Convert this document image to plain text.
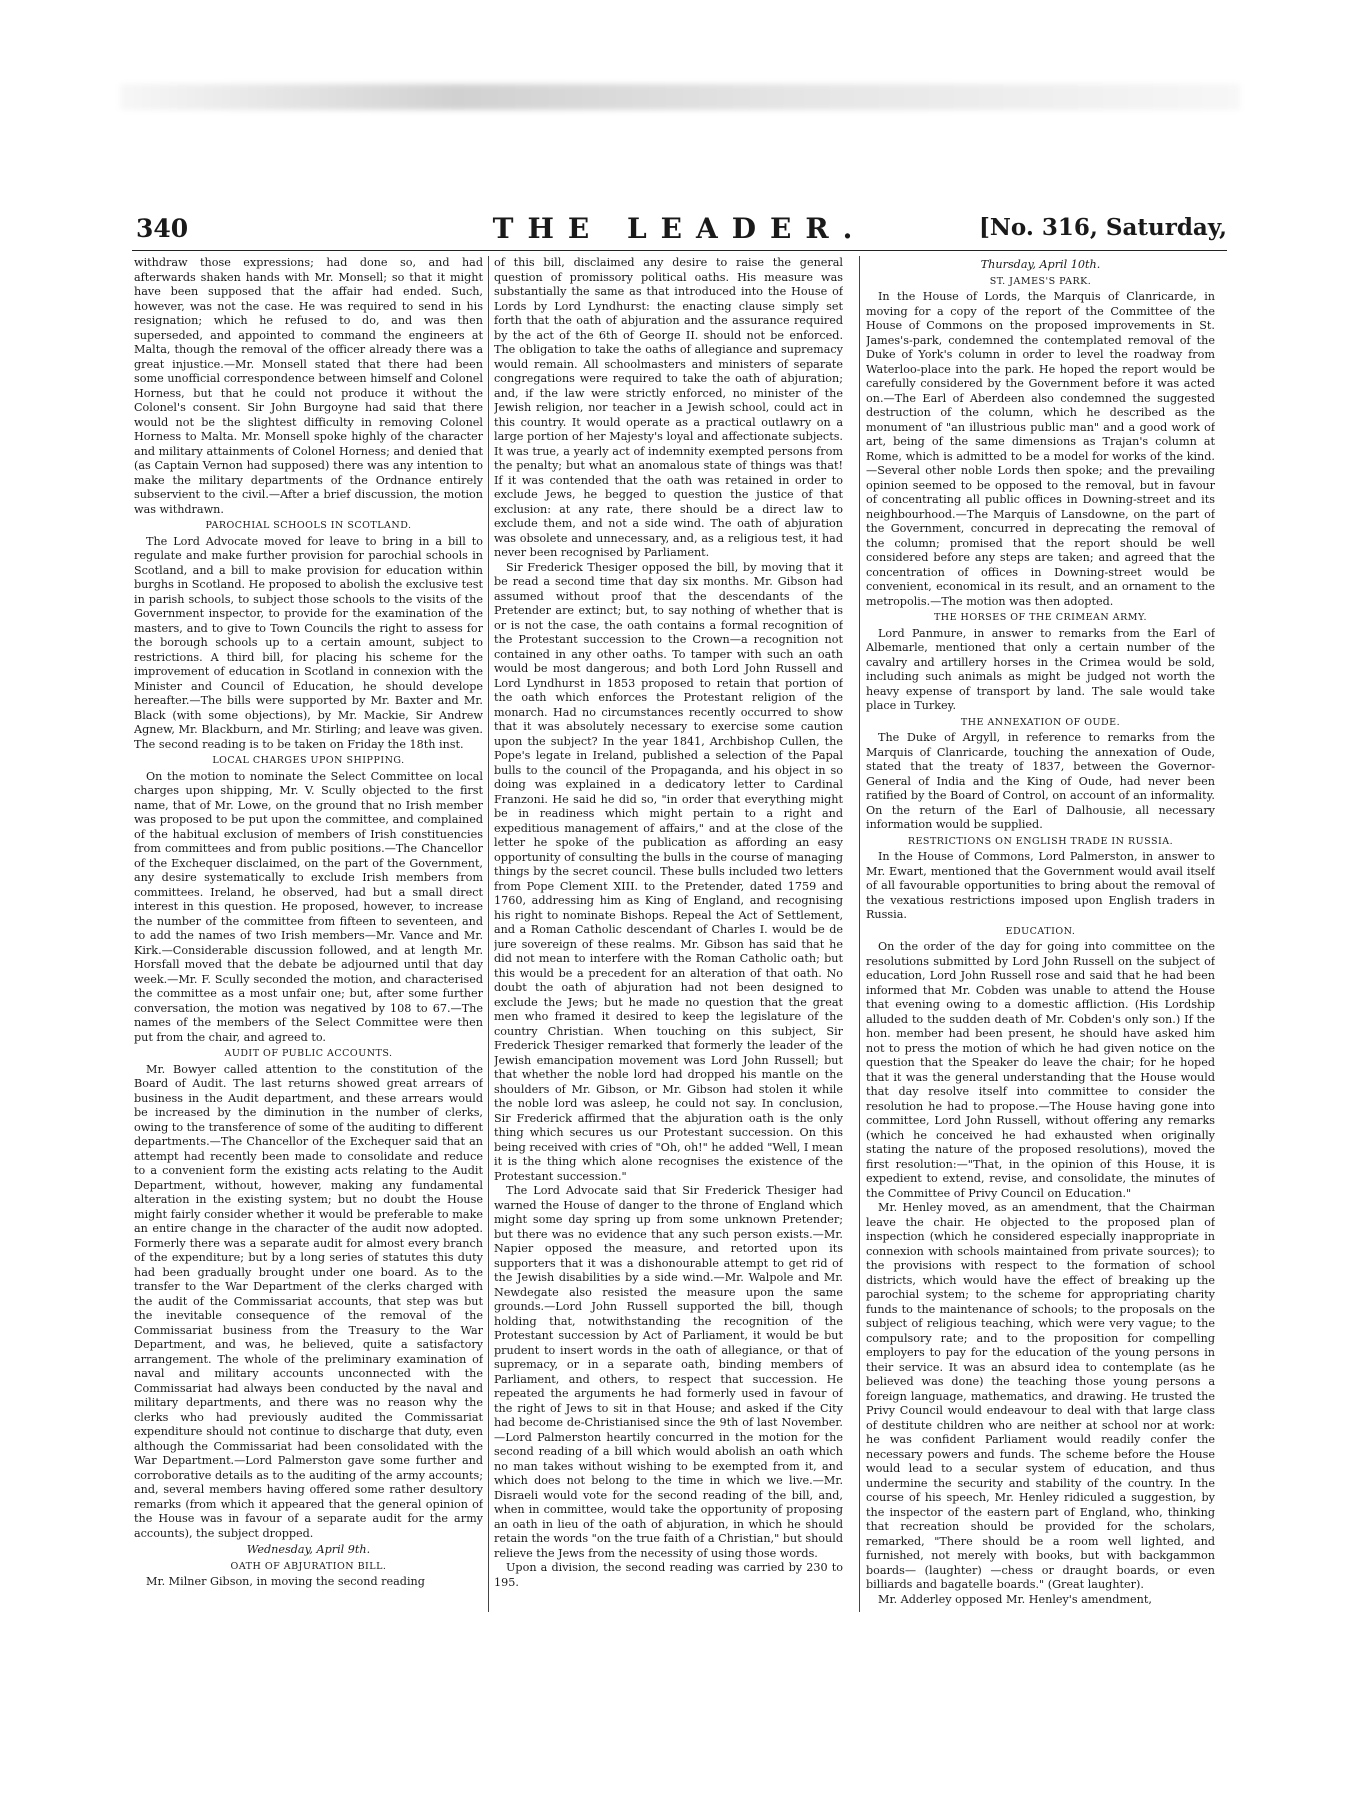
340	THE LEADER.	[No. 316, Saturday,

withdraw those expressions; had done so, and had afterwards shaken hands with Mr. Monsell; so that it might have been supposed that the affair had ended. Such, however, was not the case. He was required to send in his resignation; which he refused to do, and was then superseded, and appointed to command the engineers at Malta, though the removal of the officer already there was a great injustice.—Mr. Monsell stated that there had been some unofficial correspondence between himself and Colonel Horness, but that he could not produce it without the Colonel's consent. Sir John Burgoyne had said that there would not be the slightest difficulty in removing Colonel Horness to Malta. Mr. Monsell spoke highly of the character and military attainments of Colonel Horness; and denied that (as Captain Vernon had supposed) there was any intention to make the military departments of the Ordnance entirely subservient to the civil.—After a brief discussion, the motion was withdrawn.

PAROCHIAL SCHOOLS IN SCOTLAND.

The Lord Advocate moved for leave to bring in a bill to regulate and make further provision for parochial schools in Scotland, and a bill to make provision for education within burghs in Scotland. He proposed to abolish the exclusive test in parish schools, to subject those schools to the visits of the Government inspector, to provide for the examination of the masters, and to give to Town Councils the right to assess for the borough schools up to a certain amount, subject to restrictions. A third bill, for placing his scheme for the improvement of education in Scotland in connexion with the Minister and Council of Education, he should develope hereafter.—The bills were supported by Mr. Baxter and Mr. Black (with some objections), by Mr. Mackie, Sir Andrew Agnew, Mr. Blackburn, and Mr. Stirling; and leave was given. The second reading is to be taken on Friday the 18th inst.

LOCAL CHARGES UPON SHIPPING.

On the motion to nominate the Select Committee on local charges upon shipping, Mr. V. Scully objected to the first name, that of Mr. Lowe, on the ground that no Irish member was proposed to be put upon the committee, and complained of the habitual exclusion of members of Irish constituencies from committees and from public positions.—The Chancellor of the Exchequer disclaimed, on the part of the Government, any desire systematically to exclude Irish members from committees. Ireland, he observed, had but a small direct interest in this question. He proposed, however, to increase the number of the committee from fifteen to seventeen, and to add the names of two Irish members—Mr. Vance and Mr. Kirk.—Considerable discussion followed, and at length Mr. Horsfall moved that the debate be adjourned until that day week.—Mr. F. Scully seconded the motion, and characterised the committee as a most unfair one; but, after some further conversation, the motion was negatived by 108 to 67.—The names of the members of the Select Committee were then put from the chair, and agreed to.

AUDIT OF PUBLIC ACCOUNTS.

Mr. Bowyer called attention to the constitution of the Board of Audit. The last returns showed great arrears of business in the Audit department, and these arrears would be increased by the diminution in the number of clerks, owing to the transference of some of the auditing to different departments.—The Chancellor of the Exchequer said that an attempt had recently been made to consolidate and reduce to a convenient form the existing acts relating to the Audit Department, without, however, making any fundamental alteration in the existing system; but no doubt the House might fairly consider whether it would be preferable to make an entire change in the character of the audit now adopted. Formerly there was a separate audit for almost every branch of the expenditure; but by a long series of statutes this duty had been gradually brought under one board. As to the transfer to the War Department of the clerks charged with the audit of the Commissariat accounts, that step was but the inevitable consequence of the removal of the Commissariat business from the Treasury to the War Department, and was, he believed, quite a satisfactory arrangement. The whole of the preliminary examination of naval and military accounts unconnected with the Commissariat had always been conducted by the naval and military departments, and there was no reason why the clerks who had previously audited the Commissariat expenditure should not continue to discharge that duty, even although the Commissariat had been consolidated with the War Department.—Lord Palmerston gave some further and corroborative details as to the auditing of the army accounts; and, several members having offered some rather desultory remarks (from which it appeared that the general opinion of the House was in favour of a separate audit for the army accounts), the subject dropped.

Wednesday, April 9th.
OATH OF ABJURATION BILL.

Mr. Milner Gibson, in moving the second reading

of this bill, disclaimed any desire to raise the general question of promissory political oaths. His measure was substantially the same as that introduced into the House of Lords by Lord Lyndhurst: the enacting clause simply set forth that the oath of abjuration and the assurance required by the act of the 6th of George II. should not be enforced. The obligation to take the oaths of allegiance and supremacy would remain. All schoolmasters and ministers of separate congregations were required to take the oath of abjuration; and, if the law were strictly enforced, no minister of the Jewish religion, nor teacher in a Jewish school, could act in this country. It would operate as a practical outlawry on a large portion of her Majesty's loyal and affectionate subjects. It was true, a yearly act of indemnity exempted persons from the penalty; but what an anomalous state of things was that! If it was contended that the oath was retained in order to exclude Jews, he begged to question the justice of that exclusion: at any rate, there should be a direct law to exclude them, and not a side wind. The oath of abjuration was obsolete and unnecessary, and, as a religious test, it had never been recognised by Parliament.

Sir Frederick Thesiger opposed the bill, by moving that it be read a second time that day six months. Mr. Gibson had assumed without proof that the descendants of the Pretender are extinct; but, to say nothing of whether that is or is not the case, the oath contains a formal recognition of the Protestant succession to the Crown—a recognition not contained in any other oaths. To tamper with such an oath would be most dangerous; and both Lord John Russell and Lord Lyndhurst in 1853 proposed to retain that portion of the oath which enforces the Protestant religion of the monarch. Had no circumstances recently occurred to show that it was absolutely necessary to exercise some caution upon the subject? In the year 1841, Archbishop Cullen, the Pope's legate in Ireland, published a selection of the Papal bulls to the council of the Propaganda, and his object in so doing was explained in a dedicatory letter to Cardinal Franzoni. He said he did so, "in order that everything might be in readiness which might pertain to a right and expeditious management of affairs," and at the close of the letter he spoke of the publication as affording an easy opportunity of consulting the bulls in the course of managing things by the secret council. These bulls included two letters from Pope Clement XIII. to the Pretender, dated 1759 and 1760, addressing him as King of England, and recognising his right to nominate Bishops. Repeal the Act of Settlement, and a Roman Catholic descendant of Charles I. would be de jure sovereign of these realms. Mr. Gibson has said that he did not mean to interfere with the Roman Catholic oath; but this would be a precedent for an alteration of that oath. No doubt the oath of abjuration had not been designed to exclude the Jews; but he made no question that the great men who framed it desired to keep the legislature of the country Christian. When touching on this subject, Sir Frederick Thesiger remarked that formerly the leader of the Jewish emancipation movement was Lord John Russell; but that whether the noble lord had dropped his mantle on the shoulders of Mr. Gibson, or Mr. Gibson had stolen it while the noble lord was asleep, he could not say. In conclusion, Sir Frederick affirmed that the abjuration oath is the only thing which secures us our Protestant succession. On this being received with cries of "Oh, oh!" he added "Well, I mean it is the thing which alone recognises the existence of the Protestant succession."

The Lord Advocate said that Sir Frederick Thesiger had warned the House of danger to the throne of England which might some day spring up from some unknown Pretender; but there was no evidence that any such person exists.—Mr. Napier opposed the measure, and retorted upon its supporters that it was a dishonourable attempt to get rid of the Jewish disabilities by a side wind.—Mr. Walpole and Mr. Newdegate also resisted the measure upon the same grounds.—Lord John Russell supported the bill, though holding that, notwithstanding the recognition of the Protestant succession by Act of Parliament, it would be but prudent to insert words in the oath of allegiance, or that of supremacy, or in a separate oath, binding members of Parliament, and others, to respect that succession. He repeated the arguments he had formerly used in favour of the right of Jews to sit in that House; and asked if the City had become de-Christianised since the 9th of last November.—Lord Palmerston heartily concurred in the motion for the second reading of a bill which would abolish an oath which no man takes without wishing to be exempted from it, and which does not belong to the time in which we live.—Mr. Disraeli would vote for the second reading of the bill, and, when in committee, would take the opportunity of proposing an oath in lieu of the oath of abjuration, in which he should retain the words "on the true faith of a Christian," but should relieve the Jews from the necessity of using those words.

Upon a division, the second reading was carried by 230 to 195.

Thursday, April 10th.
ST. JAMES'S PARK.

In the House of Lords, the Marquis of Clanricarde, in moving for a copy of the report of the Committee of the House of Commons on the proposed improvements in St. James's-park, condemned the contemplated removal of the Duke of York's column in order to level the roadway from Waterloo-place into the park. He hoped the report would be carefully considered by the Government before it was acted on.—The Earl of Aberdeen also condemned the suggested destruction of the column, which he described as the monument of "an illustrious public man" and a good work of art, being of the same dimensions as Trajan's column at Rome, which is admitted to be a model for works of the kind.—Several other noble Lords then spoke; and the prevailing opinion seemed to be opposed to the removal, but in favour of concentrating all public offices in Downing-street and its neighbourhood.—The Marquis of Lansdowne, on the part of the Government, concurred in deprecating the removal of the column; promised that the report should be well considered before any steps are taken; and agreed that the concentration of offices in Downing-street would be convenient, economical in its result, and an ornament to the metropolis.—The motion was then adopted.

THE HORSES OF THE CRIMEAN ARMY.

Lord Panmure, in answer to remarks from the Earl of Albemarle, mentioned that only a certain number of the cavalry and artillery horses in the Crimea would be sold, including such animals as might be judged not worth the heavy expense of transport by land. The sale would take place in Turkey.

THE ANNEXATION OF OUDE.

The Duke of Argyll, in reference to remarks from the Marquis of Clanricarde, touching the annexation of Oude, stated that the treaty of 1837, between the Governor-General of India and the King of Oude, had never been ratified by the Board of Control, on account of an informality. On the return of the Earl of Dalhousie, all necessary information would be supplied.

RESTRICTIONS ON ENGLISH TRADE IN RUSSIA.

In the House of Commons, Lord Palmerston, in answer to Mr. Ewart, mentioned that the Government would avail itself of all favourable opportunities to bring about the removal of the vexatious restrictions imposed upon English traders in Russia.

EDUCATION.

On the order of the day for going into committee on the resolutions submitted by Lord John Russell on the subject of education, Lord John Russell rose and said that he had been informed that Mr. Cobden was unable to attend the House that evening owing to a domestic affliction. (His Lordship alluded to the sudden death of Mr. Cobden's only son.) If the hon. member had been present, he should have asked him not to press the motion of which he had given notice on the question that the Speaker do leave the chair; for he hoped that it was the general understanding that the House would that day resolve itself into committee to consider the resolution he had to propose.—The House having gone into committee, Lord John Russell, without offering any remarks (which he conceived he had exhausted when originally stating the nature of the proposed resolutions), moved the first resolution:—"That, in the opinion of this House, it is expedient to extend, revise, and consolidate, the minutes of the Committee of Privy Council on Education."

Mr. Henley moved, as an amendment, that the Chairman leave the chair. He objected to the proposed plan of inspection (which he considered especially inappropriate in connexion with schools maintained from private sources); to the provisions with respect to the formation of school districts, which would have the effect of breaking up the parochial system; to the scheme for appropriating charity funds to the maintenance of schools; to the proposals on the subject of religious teaching, which were very vague; to the compulsory rate; and to the proposition for compelling employers to pay for the education of the young persons in their service. It was an absurd idea to contemplate (as he believed was done) the teaching those young persons a foreign language, mathematics, and drawing. He trusted the Privy Council would endeavour to deal with that large class of destitute children who are neither at school nor at work: he was confident Parliament would readily confer the necessary powers and funds. The scheme before the House would lead to a secular system of education, and thus undermine the security and stability of the country. In the course of his speech, Mr. Henley ridiculed a suggestion, by the inspector of the eastern part of England, who, thinking that recreation should be provided for the scholars, remarked, "There should be a room well lighted, and furnished, not merely with books, but with backgammon boards— (laughter) —chess or draught boards, or even billiards and bagatelle boards." (Great laughter).

Mr. Adderley opposed Mr. Henley's amendment,
